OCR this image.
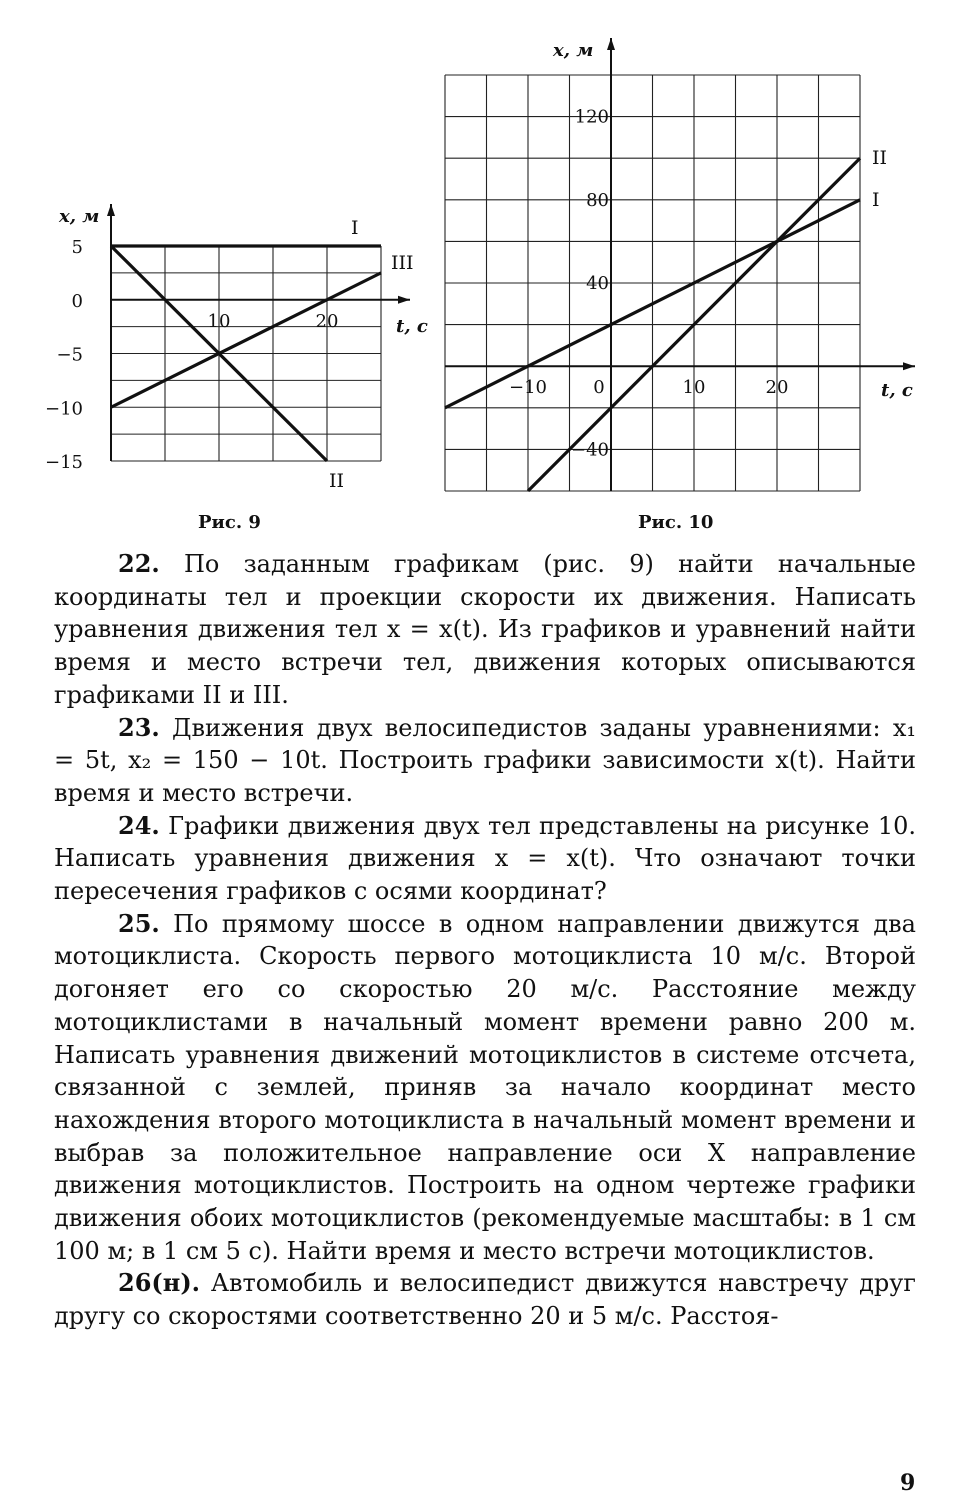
x, м
t, с
5
0
−5
−10
−15
10	20
I
II
III
Рис. 9
x, м
t, с
120
80
40
−40
−10	0	10	20
I
II
Рис. 10

22. По заданным графикам (рис. 9) найти начальные координаты тел и проекции скорости их движения. Написать уравнения движения тел x = x(t). Из графиков и уравнений найти время и место встречи тел, движения которых описываются графиками II и III.

23. Движения двух велосипедистов заданы уравнениями: x₁ = 5t, x₂ = 150 − 10t. Построить графики зависимости x(t). Найти время и место встречи.

24. Графики движения двух тел представлены на рисунке 10. Написать уравнения движения x = x(t). Что означают точки пересечения графиков с осями координат?

25. По прямому шоссе в одном направлении движутся два мотоциклиста. Скорость первого мотоциклиста 10 м/с. Второй догоняет его со скоростью 20 м/с. Расстояние между мотоциклистами в начальный момент времени равно 200 м. Написать уравнения движений мотоциклистов в системе отсчета, связанной с землей, приняв за начало координат место нахождения второго мотоциклиста в начальный момент времени и выбрав за положительное направление оси X направление движения мотоциклистов. Построить на одном чертеже графики движения обоих мотоциклистов (рекомендуемые масштабы: в 1 см 100 м; в 1 см 5 с). Найти время и место встречи мотоциклистов.

26(н). Автомобиль и велосипедист движутся навстречу друг другу со скоростями соответственно 20 и 5 м/с. Расстоя-

9
